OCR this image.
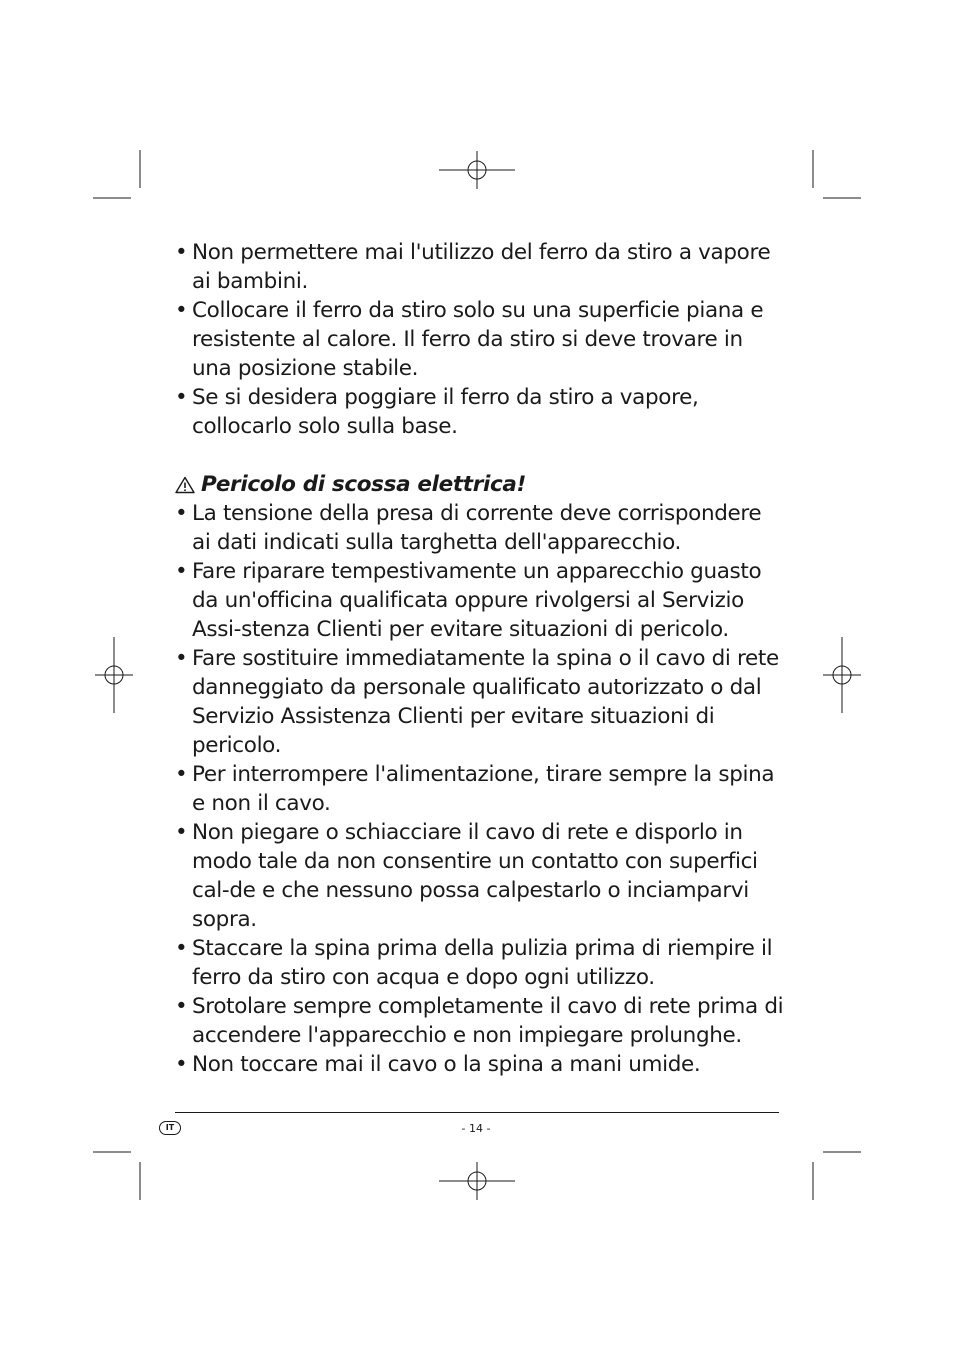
• Non permettere mai l'utilizzo del ferro da stiro a vapore ai bambini.
• Collocare il ferro da stiro solo su una superficie piana e resistente al calore. Il ferro da stiro si deve trovare in una posizione stabile.
• Se si desidera poggiare il ferro da stiro a vapore, collocarlo solo sulla base.
Pericolo di scossa elettrica!
• La tensione della presa di corrente deve corrispondere ai dati indicati sulla targhetta dell'apparecchio.
• Fare riparare tempestivamente un apparecchio guasto da un'officina qualificata oppure rivolgersi al Servizio Assi-stenza Clienti per evitare situazioni di pericolo.
• Fare sostituire immediatamente la spina o il cavo di rete danneggiato da personale qualificato autorizzato o dal Servizio Assistenza Clienti per evitare situazioni di pericolo.
• Per interrompere l'alimentazione, tirare sempre la spina e non il cavo.
• Non piegare o schiacciare il cavo di rete e disporlo in modo tale da non consentire un contatto con superfici cal-de e che nessuno possa calpestarlo o inciamparvi sopra.
• Staccare la spina prima della pulizia prima di riempire il ferro da stiro con acqua e dopo ogni utilizzo.
• Srotolare sempre completamente il cavo di rete prima di accendere l'apparecchio e non impiegare prolunghe.
• Non toccare mai il cavo o la spina a mani umide.
IT	- 14 -
